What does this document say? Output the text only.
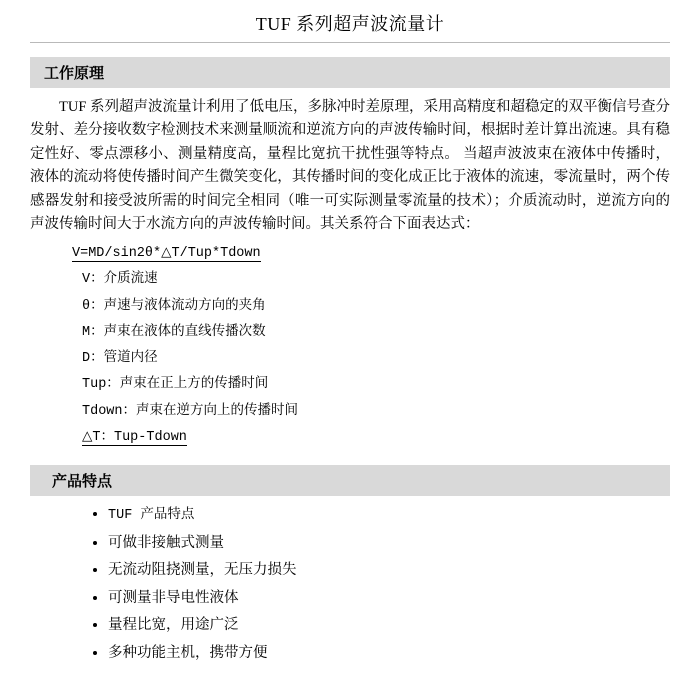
TUF 系列超声波流量计
工作原理

TUF 系列超声波流量计利用了低电压，多脉冲时差原理，采用高精度和超稳定的双平衡信号查分发射、差分接收数字检测技术来测量顺流和逆流方向的声波传输时间，根据时差计算出流速。具有稳定性好、零点漂移小、测量精度高，量程比宽抗干扰性强等特点。 当超声波波束在液体中传播时，液体的流动将使传播时间产生微笑变化，其传播时间的变化成正比于液体的流速，零流量时，两个传感器发射和接受波所需的时间完全相同（唯一可实际测量零流量的技术）；介质流动时，逆流方向的声波传输时间大于水流方向的声波传输时间。其关系符合下面表达式：

V=MD/sin2θ*△T/Tup*Tdown
V：介质流速
θ：声速与液体流动方向的夹角
M：声束在液体的直线传播次数
D：管道内径
Tup：声束在正上方的传播时间
Tdown：声束在逆方向上的传播时间
△T：Tup-Tdown
产品特点
• TUF 产品特点
• 可做非接触式测量
• 无流动阻挠测量，无压力损失
• 可测量非导电性液体
• 量程比宽，用途广泛
• 多种功能主机，携带方便
